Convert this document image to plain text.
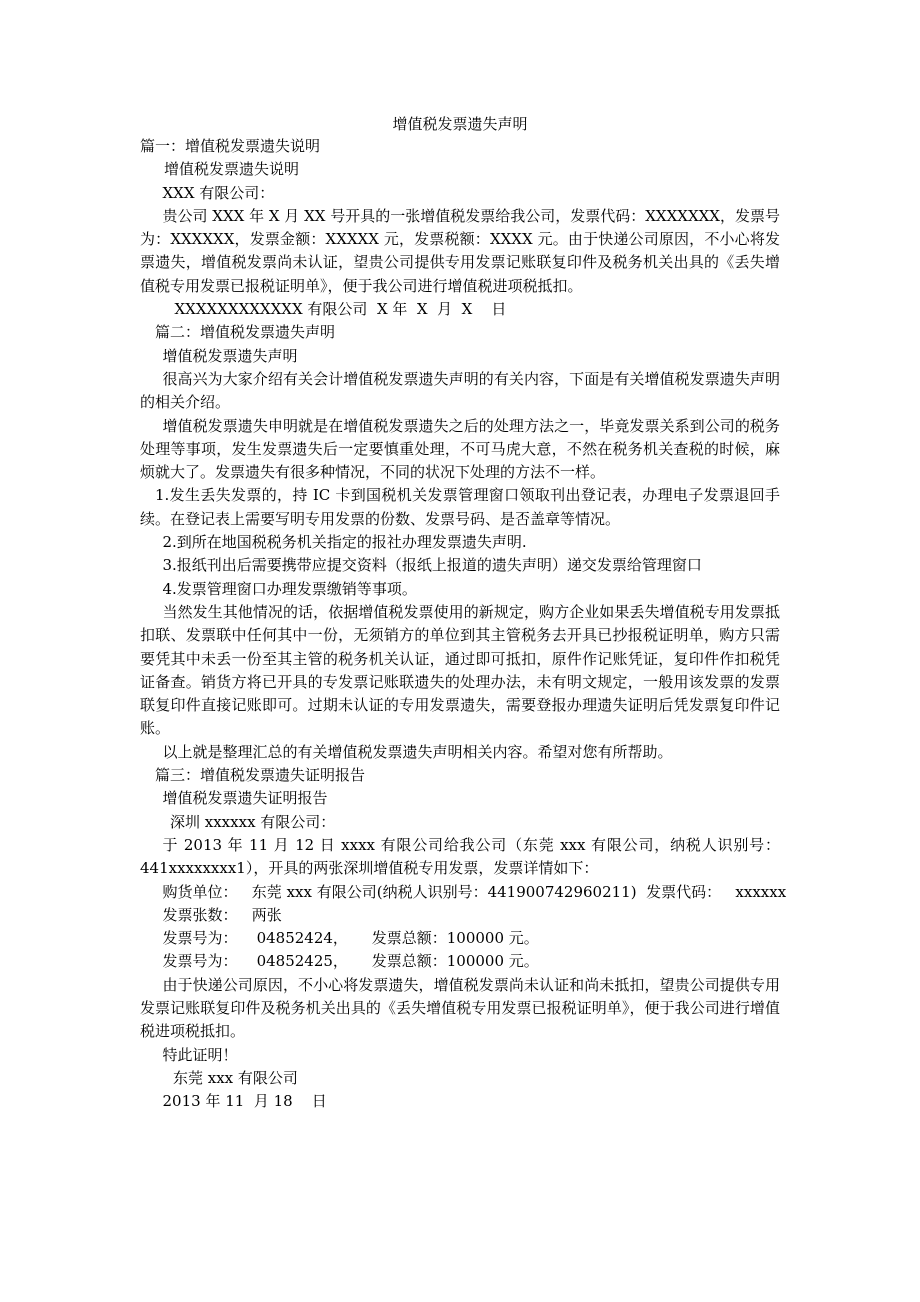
增值税发票遗失声明

篇一：增值税发票遗失说明

增值税发票遗失说明

XXX 有限公司：

贵公司 XXX 年 X 月 XX 号开具的一张增值税发票给我公司，发票代码：XXXXXXX，发票号为：XXXXXX，发票金额：XXXXX 元，发票税额：XXXX 元。由于快递公司原因，不小心将发票遗失，增值税发票尚未认证，望贵公司提供专用发票记账联复印件及税务机关出具的《丢失增值税专用发票已报税证明单》，便于我公司进行增值税进项税抵扣。

XXXXXXXXXXXX 有限公司  X 年  X  月  X    日

篇二：增值税发票遗失声明

增值税发票遗失声明

很高兴为大家介绍有关会计增值税发票遗失声明的有关内容，下面是有关增值税发票遗失声明的相关介绍。

增值税发票遗失申明就是在增值税发票遗失之后的处理方法之一，毕竟发票关系到公司的税务处理等事项，发生发票遗失后一定要慎重处理，不可马虎大意，不然在税务机关查税的时候，麻烦就大了。发票遗失有很多种情况，不同的状况下处理的方法不一样。

1.发生丢失发票的，持 IC 卡到国税机关发票管理窗口领取刊出登记表，办理电子发票退回手续。在登记表上需要写明专用发票的份数、发票号码、是否盖章等情况。

2.到所在地国税税务机关指定的报社办理发票遗失声明.

3.报纸刊出后需要携带应提交资料（报纸上报道的遗失声明）递交发票给管理窗口

4.发票管理窗口办理发票缴销等事项。

当然发生其他情况的话，依据增值税发票使用的新规定，购方企业如果丢失增值税专用发票抵扣联、发票联中任何其中一份，无须销方的单位到其主管税务去开具已抄报税证明单，购方只需要凭其中未丢一份至其主管的税务机关认证，通过即可抵扣，原件作记账凭证，复印件作扣税凭证备查。销货方将已开具的专发票记账联遗失的处理办法，未有明文规定，一般用该发票的发票联复印件直接记账即可。过期未认证的专用发票遗失，需要登报办理遗失证明后凭发票复印件记账。

以上就是整理汇总的有关增值税发票遗失声明相关内容。希望对您有所帮助。

篇三：增值税发票遗失证明报告

增值税发票遗失证明报告

深圳 xxxxxx 有限公司：

于 2013 年 11 月 12 日 xxxx 有限公司给我公司（东莞 xxx 有限公司，纳税人识别号：441xxxxxxxx1），开具的两张深圳增值税专用发票，发票详情如下：

购货单位：   东莞 xxx 有限公司(纳税人识别号：441900742960211)  发票代码：   xxxxxx

发票张数：   两张

发票号为：    04852424，     发票总额：100000 元。

发票号为：    04852425，     发票总额：100000 元。

由于快递公司原因，不小心将发票遗失，增值税发票尚未认证和尚未抵扣，望贵公司提供专用发票记账联复印件及税务机关出具的《丢失增值税专用发票已报税证明单》，便于我公司进行增值税进项税抵扣。

特此证明！

东莞 xxx 有限公司

2013 年 11  月 18    日
